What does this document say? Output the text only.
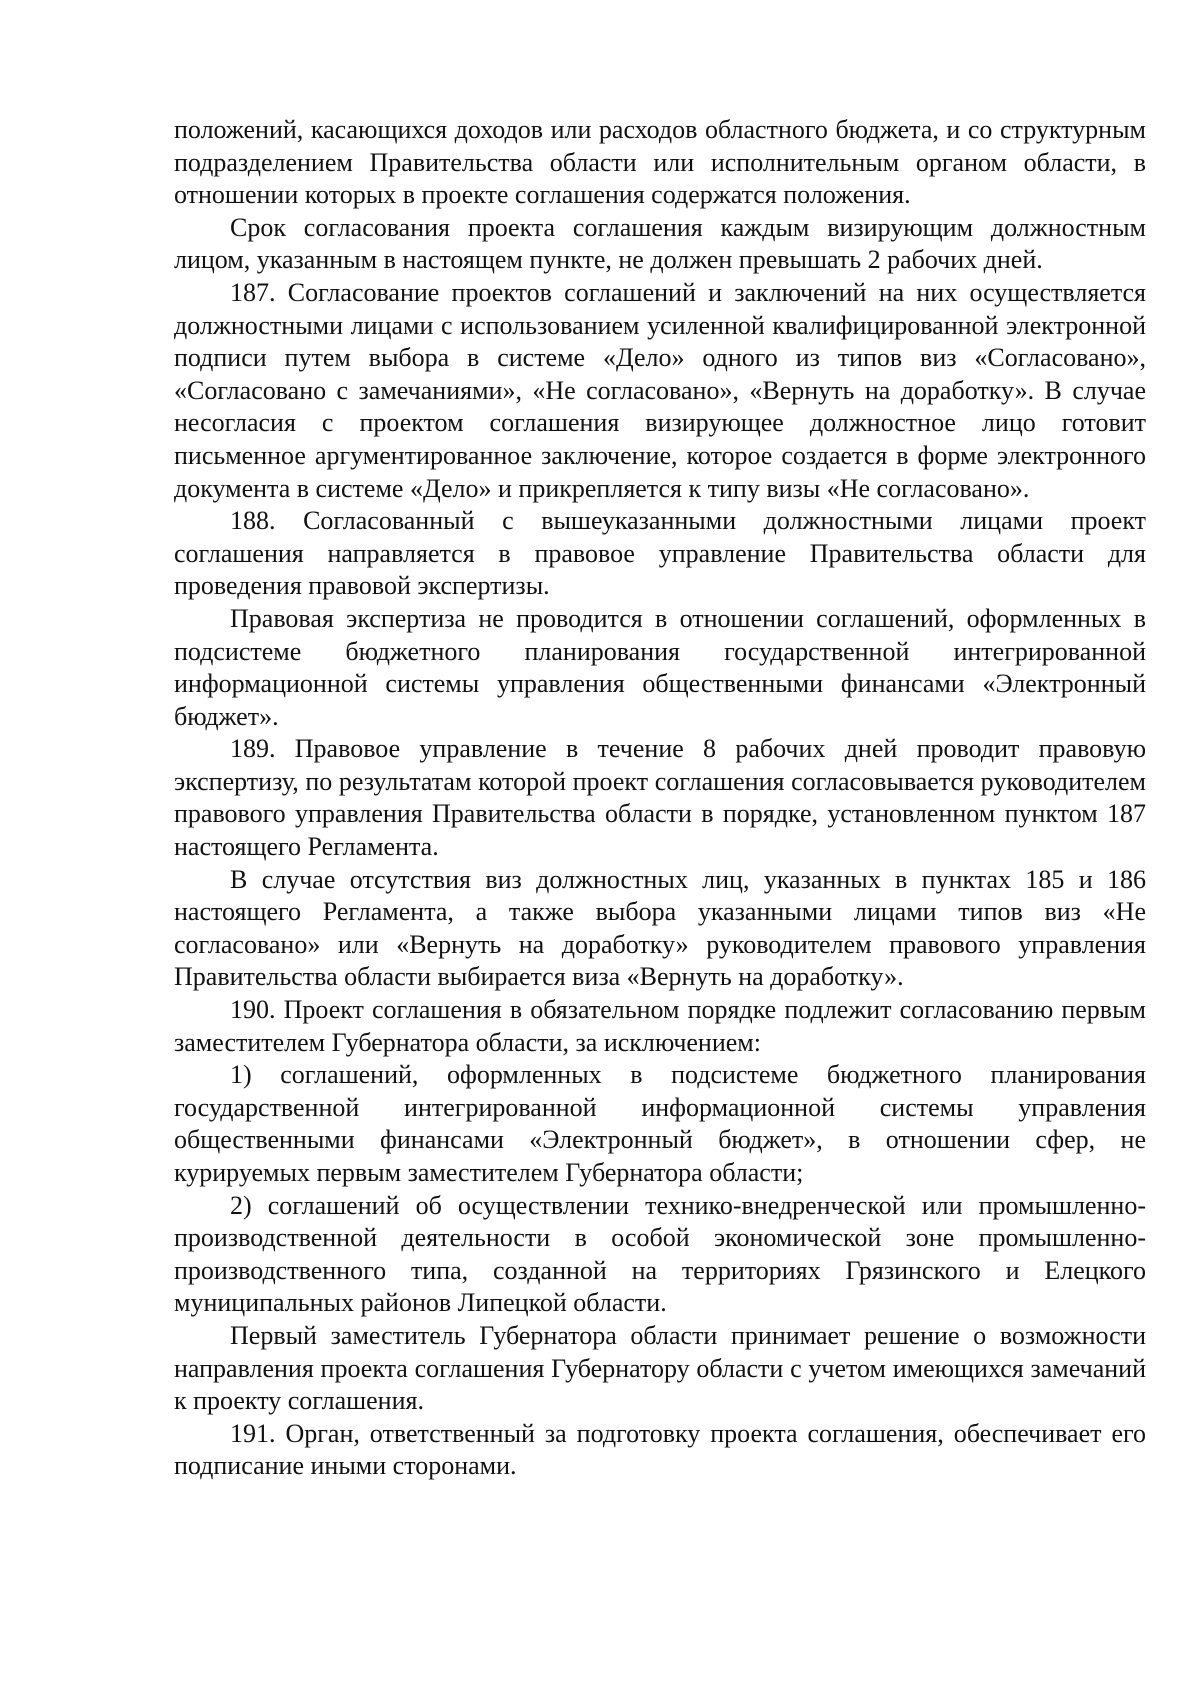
положений, касающихся доходов или расходов областного бюджета, и со структурным подразделением Правительства области или исполнительным органом области, в отношении которых в проекте соглашения содержатся положения.

Срок согласования проекта соглашения каждым визирующим должностным лицом, указанным в настоящем пункте, не должен превышать 2 рабочих дней.

187. Согласование проектов соглашений и заключений на них осуществляется должностными лицами с использованием усиленной квалифицированной электронной подписи путем выбора в системе «Дело» одного из типов виз «Согласовано», «Согласовано с замечаниями», «Не согласовано», «Вернуть на доработку». В случае несогласия с проектом соглашения визирующее должностное лицо готовит письменное аргументированное заключение, которое создается в форме электронного документа в системе «Дело» и прикрепляется к типу визы «Не согласовано».

188. Согласованный с вышеуказанными должностными лицами проект соглашения направляется в правовое управление Правительства области для проведения правовой экспертизы.

Правовая экспертиза не проводится в отношении соглашений, оформленных в подсистеме бюджетного планирования государственной интегрированной информационной системы управления общественными финансами «Электронный бюджет».

189. Правовое управление в течение 8 рабочих дней проводит правовую экспертизу, по результатам которой проект соглашения согласовывается руководителем правового управления Правительства области в порядке, установленном пунктом 187 настоящего Регламента.

В случае отсутствия виз должностных лиц, указанных в пунктах 185 и 186 настоящего Регламента, а также выбора указанными лицами типов виз «Не согласовано» или «Вернуть на доработку» руководителем правового управления Правительства области выбирается виза «Вернуть на доработку».

190. Проект соглашения в обязательном порядке подлежит согласованию первым заместителем Губернатора области, за исключением:

1) соглашений, оформленных в подсистеме бюджетного планирования государственной интегрированной информационной системы управления общественными финансами «Электронный бюджет», в отношении сфер, не курируемых первым заместителем Губернатора области;

2) соглашений об осуществлении технико-внедренческой или промышленно-производственной деятельности в особой экономической зоне промышленно-производственного типа, созданной на территориях Грязинского и Елецкого муниципальных районов Липецкой области.

Первый заместитель Губернатора области принимает решение о возможности направления проекта соглашения Губернатору области с учетом имеющихся замечаний к проекту соглашения.

191. Орган, ответственный за подготовку проекта соглашения, обеспечивает его подписание иными сторонами.
